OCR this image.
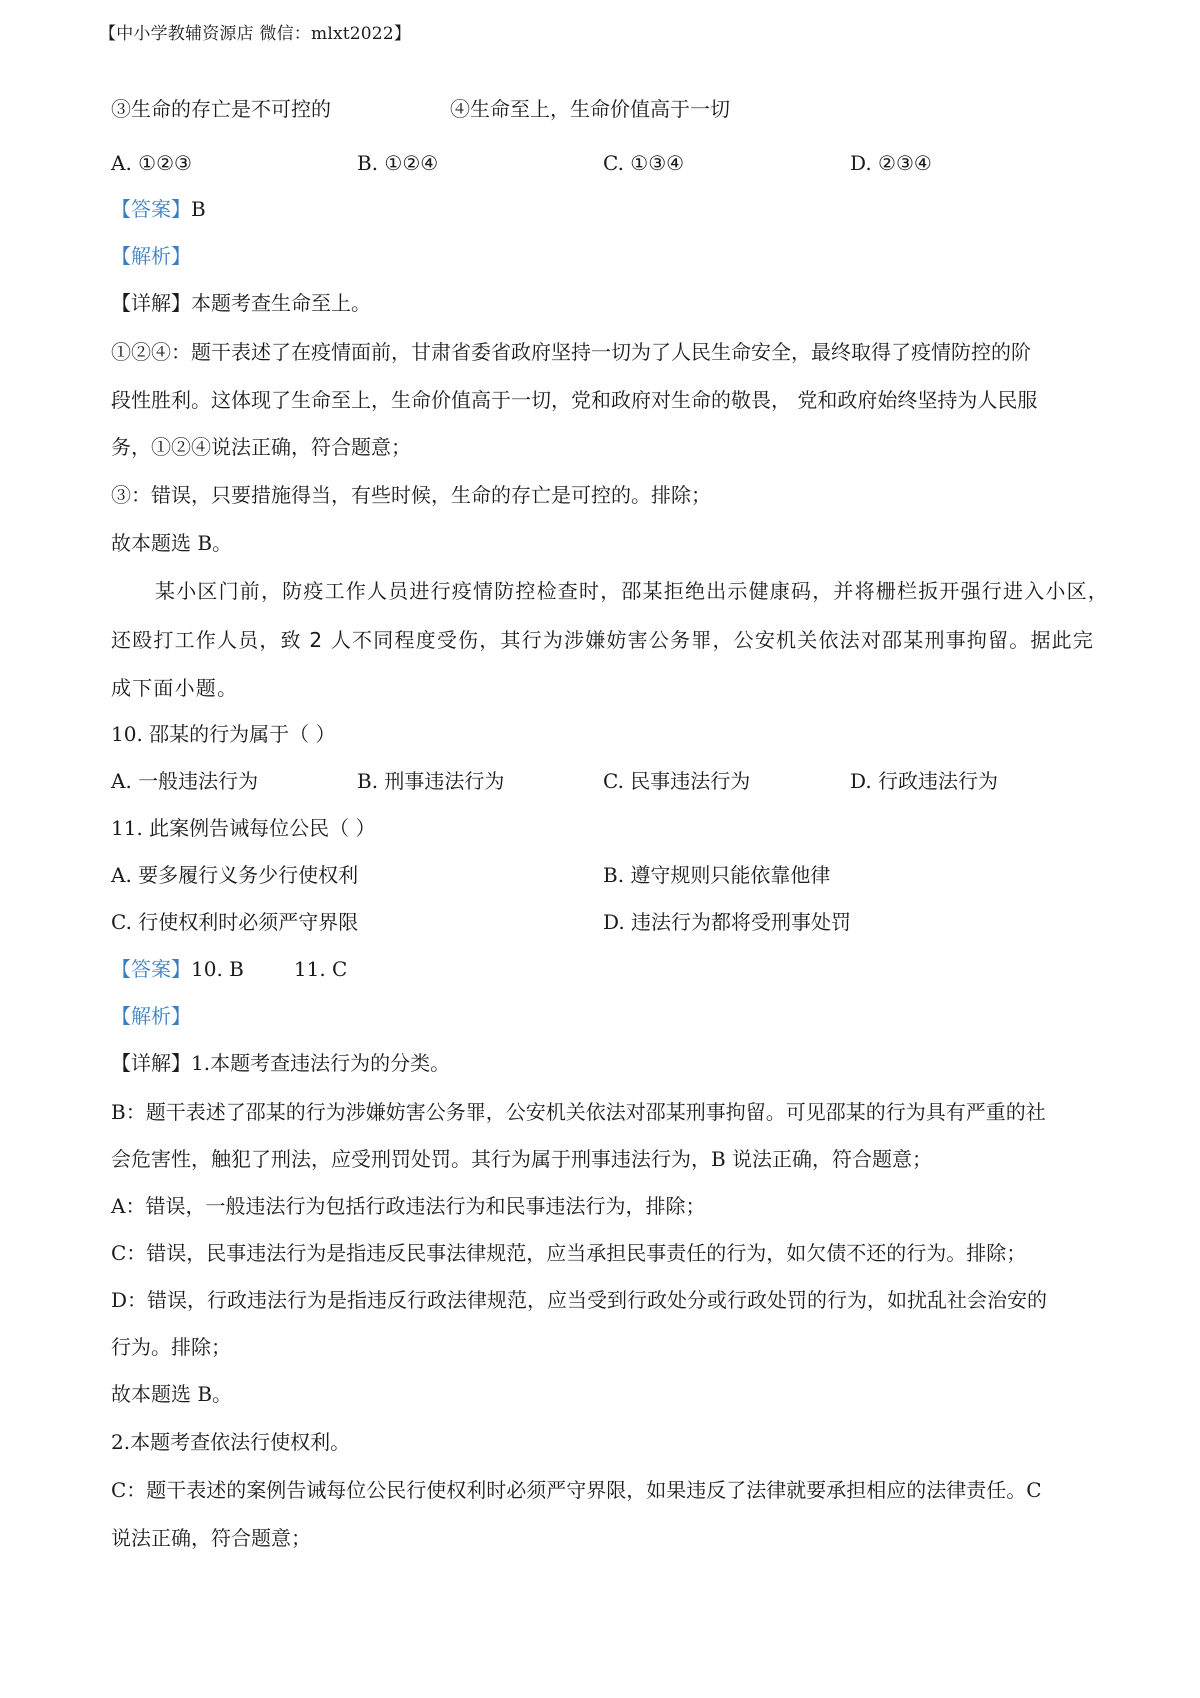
【中小学教辅资源店 微信：mlxt2022】
③生命的存亡是不可控的	④生命至上，生命价值高于一切
A. ①②③	B. ①②④	C. ①③④	D. ②③④
【答案】B
【解析】
【详解】本题考查生命至上。
①②④：题干表述了在疫情面前，甘肃省委省政府坚持一切为了人民生命安全，最终取得了疫情防控的阶
段性胜利。这体现了生命至上，生命价值高于一切，党和政府对生命的敬畏， 党和政府始终坚持为人民服
务，①②④说法正确，符合题意；
③：错误，只要措施得当，有些时候，生命的存亡是可控的。排除；
故本题选 B。
某小区门前，防疫工作人员进行疫情防控检查时，邵某拒绝出示健康码，并将栅栏扳开强行进入小区，
还殴打工作人员，致 2 人不同程度受伤，其行为涉嫌妨害公务罪，公安机关依法对邵某刑事拘留。据此完
成下面小题。
10. 邵某的行为属于（ ）
A. 一般违法行为	B. 刑事违法行为	C. 民事违法行为	D. 行政违法行为
11. 此案例告诫每位公民（ ）
A. 要多履行义务少行使权利	B. 遵守规则只能依靠他律
C. 行使权利时必须严守界限	D. 违法行为都将受刑事处罚
【答案】10. B	11. C
【解析】
【详解】1.本题考查违法行为的分类。
B：题干表述了邵某的行为涉嫌妨害公务罪，公安机关依法对邵某刑事拘留。可见邵某的行为具有严重的社
会危害性，触犯了刑法，应受刑罚处罚。其行为属于刑事违法行为，B 说法正确，符合题意；
A：错误，一般违法行为包括行政违法行为和民事违法行为，排除；
C：错误，民事违法行为是指违反民事法律规范，应当承担民事责任的行为，如欠债不还的行为。排除；
D：错误，行政违法行为是指违反行政法律规范，应当受到行政处分或行政处罚的行为，如扰乱社会治安的
行为。排除；
故本题选 B。
2.本题考查依法行使权利。
C：题干表述的案例告诫每位公民行使权利时必须严守界限，如果违反了法律就要承担相应的法律责任。C
说法正确，符合题意；
